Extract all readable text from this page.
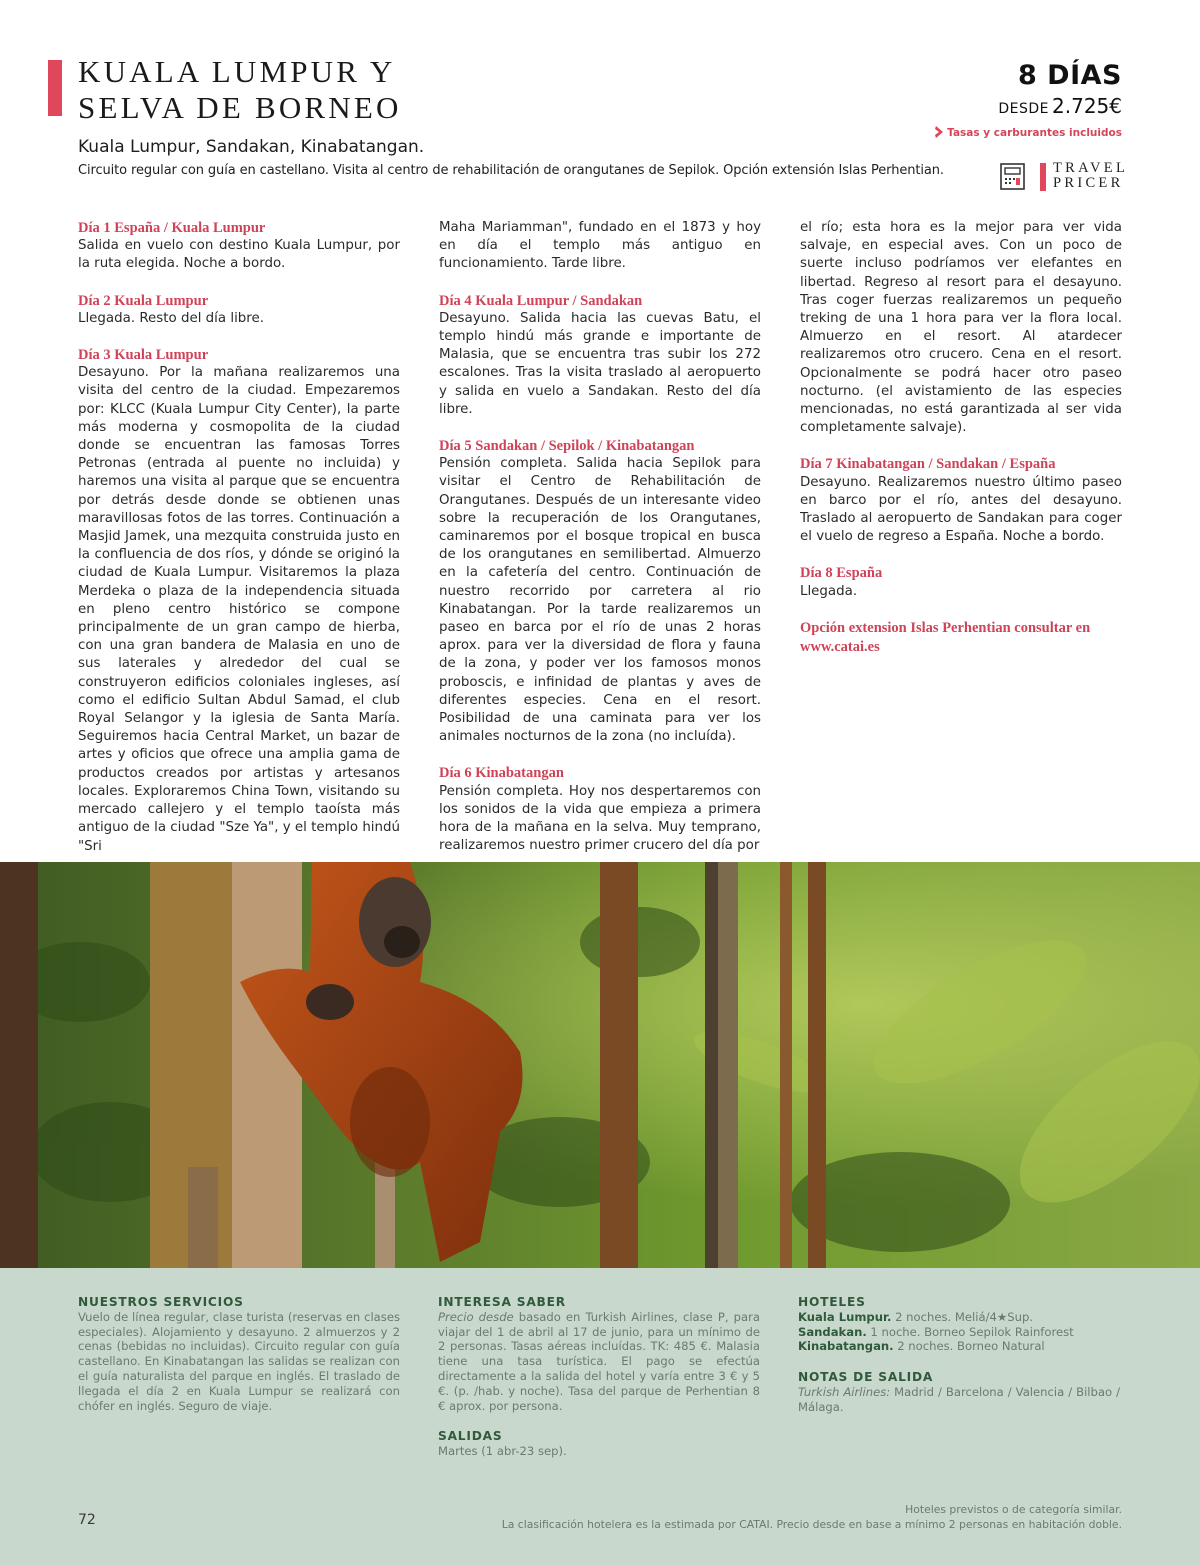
KUALA LUMPUR Y
SELVA DE BORNEO
Kuala Lumpur, Sandakan, Kinabatangan.
Circuito regular con guía en castellano. Visita al centro de rehabilitación de orangutanes de Sepilok. Opción extensión Islas Perhentian.
8 DÍAS
DESDE 2.725€
Tasas y carburantes incluidos
TRAVEL
PRICER
Día 1 España / Kuala Lumpur
Salida en vuelo con destino Kuala Lumpur, por la ruta elegida. Noche a bordo.
Día 2 Kuala Lumpur
Llegada. Resto del día libre.
Día 3 Kuala Lumpur
Desayuno. Por la mañana realizaremos una visita del centro de la ciudad. Empezaremos por: KLCC (Kuala Lumpur City Center), la parte más moderna y cosmopolita de la ciudad donde se encuentran las famosas Torres Petronas (entrada al puente no incluida) y haremos una visita al parque que se encuentra por detrás desde donde se obtienen unas maravillosas fotos de las torres. Continuación a Masjid Jamek, una mezquita construida justo en la confluencia de dos ríos, y dónde se originó la ciudad de Kuala Lumpur. Visitaremos la plaza Merdeka o plaza de la independencia situada en pleno centro histórico se compone principalmente de un gran campo de hierba, con una gran bandera de Malasia en uno de sus laterales y alrededor del cual se construyeron edificios coloniales ingleses, así como el edificio Sultan Abdul Samad, el club Royal Selangor y la iglesia de Santa María. Seguiremos hacia Central Market, un bazar de artes y oficios que ofrece una amplia gama de productos creados por artistas y artesanos locales. Exploraremos China Town, visitando su mercado callejero y el templo taoísta más antiguo de la ciudad "Sze Ya", y el templo hindú "Sri
Maha Mariamman", fundado en el 1873 y hoy en día el templo más antiguo en funcionamiento. Tarde libre.
Día 4 Kuala Lumpur / Sandakan
Desayuno. Salida hacia las cuevas Batu, el templo hindú más grande e importante de Malasia, que se encuentra tras subir los 272 escalones. Tras la visita traslado al aeropuerto y salida en vuelo a Sandakan. Resto del día libre.
Día 5 Sandakan / Sepilok / Kinabatangan
Pensión completa. Salida hacia Sepilok para visitar el Centro de Rehabilitación de Orangutanes. Después de un interesante video sobre la recuperación de los Orangutanes, caminaremos por el bosque tropical en busca de los orangutanes en semilibertad. Almuerzo en la cafetería del centro. Continuación de nuestro recorrido por carretera al rio Kinabatangan. Por la tarde realizaremos un paseo en barca por el río de unas 2 horas aprox. para ver la diversidad de flora y fauna de la zona, y poder ver los famosos monos proboscis, e infinidad de plantas y aves de diferentes especies. Cena en el resort. Posibilidad de una caminata para ver los animales nocturnos de la zona (no incluída).
Día 6 Kinabatangan
Pensión completa. Hoy nos despertaremos con los sonidos de la vida que empieza a primera hora de la mañana en la selva. Muy temprano, realizaremos nuestro primer crucero del día por
el río; esta hora es la mejor para ver vida salvaje, en especial aves. Con un poco de suerte incluso podríamos ver elefantes en libertad. Regreso al resort para el desayuno. Tras coger fuerzas realizaremos un pequeño treking de una 1 hora para ver la flora local. Almuerzo en el resort. Al atardecer realizaremos otro crucero. Cena en el resort. Opcionalmente se podrá hacer otro paseo nocturno. (el avistamiento de las especies mencionadas, no está garantizada al ser vida completamente salvaje).
Día 7 Kinabatangan / Sandakan / España
Desayuno. Realizaremos nuestro último paseo en barco por el río, antes del desayuno. Traslado al aeropuerto de Sandakan para coger el vuelo de regreso a España. Noche a bordo.
Día 8 España
Llegada.
Opción extension Islas Perhentian consultar en
www.catai.es
NUESTROS SERVICIOS
Vuelo de línea regular, clase turista (reservas en clases especiales). Alojamiento y desayuno. 2 almuerzos y 2 cenas (bebidas no incluidas). Circuito regular con guía castellano. En Kinabatangan las salidas se realizan con el guía naturalista del parque en inglés. El traslado de llegada el día 2 en Kuala Lumpur se realizará con chófer en inglés. Seguro de viaje.
INTERESA SABER
Precio desde basado en Turkish Airlines, clase P, para viajar del 1 de abril al 17 de junio, para un mínimo de 2 personas. Tasas aéreas incluídas. TK: 485 €. Malasia tiene una tasa turística. El pago se efectúa directamente a la salida del hotel y varía entre 3 € y 5 €. (p. /hab. y noche). Tasa del parque de Perhentian 8 € aprox. por persona.
SALIDAS
Martes (1 abr-23 sep).
HOTELES
Kuala Lumpur. 2 noches. Meliá/4★Sup.
Sandakan. 1 noche. Borneo Sepilok Rainforest
Kinabatangan. 2 noches. Borneo Natural
NOTAS DE SALIDA
Turkish Airlines: Madrid / Barcelona / Valencia / Bilbao / Málaga.
72
Hoteles previstos o de categoría similar.
La clasificación hotelera es la estimada por CATAI. Precio desde en base a mínimo 2 personas en habitación doble.
